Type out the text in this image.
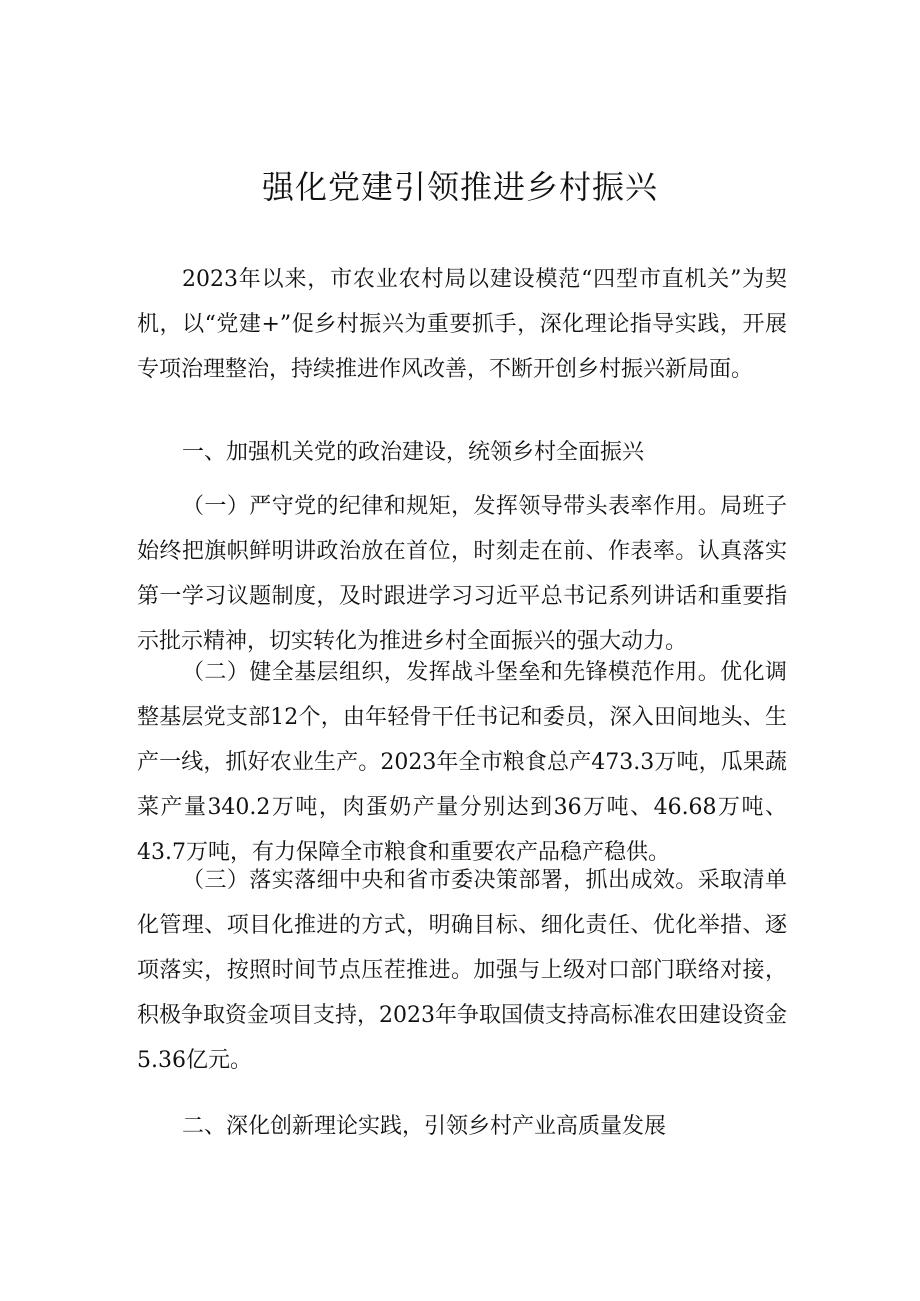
强化党建引领推进乡村振兴

2023年以来，市农业农村局以建设模范“四型市直机关”为契机，以“党建+”促乡村振兴为重要抓手，深化理论指导实践，开展专项治理整治，持续推进作风改善，不断开创乡村振兴新局面。

一、加强机关党的政治建设，统领乡村全面振兴

（一）严守党的纪律和规矩，发挥领导带头表率作用。局班子始终把旗帜鲜明讲政治放在首位，时刻走在前、作表率。认真落实第一学习议题制度，及时跟进学习习近平总书记系列讲话和重要指示批示精神，切实转化为推进乡村全面振兴的强大动力。

（二）健全基层组织，发挥战斗堡垒和先锋模范作用。优化调整基层党支部12个，由年轻骨干任书记和委员，深入田间地头、生产一线，抓好农业生产。2023年全市粮食总产473.3万吨，瓜果蔬菜产量340.2万吨，肉蛋奶产量分别达到36万吨、46.68万吨、43.7万吨，有力保障全市粮食和重要农产品稳产稳供。

（三）落实落细中央和省市委决策部署，抓出成效。采取清单化管理、项目化推进的方式，明确目标、细化责任、优化举措、逐项落实，按照时间节点压茬推进。加强与上级对口部门联络对接，积极争取资金项目支持，2023年争取国债支持高标准农田建设资金5.36亿元。

二、深化创新理论实践，引领乡村产业高质量发展
